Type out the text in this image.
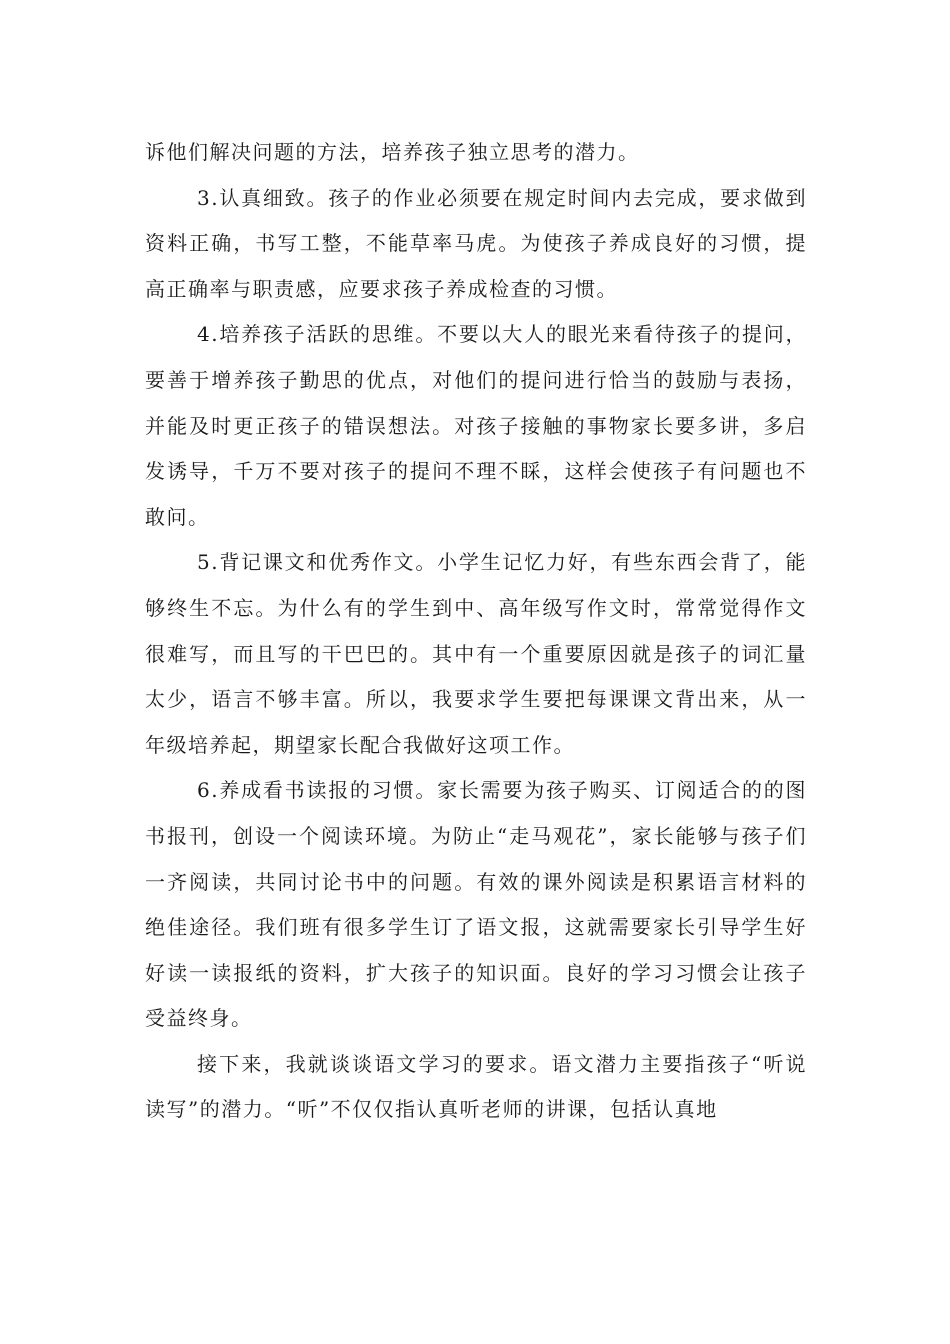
诉他们解决问题的方法，培养孩子独立思考的潜力。

3.认真细致。孩子的作业必须要在规定时间内去完成，要求做到资料正确，书写工整，不能草率马虎。为使孩子养成良好的习惯，提高正确率与职责感，应要求孩子养成检查的习惯。

4.培养孩子活跃的思维。不要以大人的眼光来看待孩子的提问，要善于增养孩子勤思的优点，对他们的提问进行恰当的鼓励与表扬，并能及时更正孩子的错误想法。对孩子接触的事物家长要多讲，多启发诱导，千万不要对孩子的提问不理不睬，这样会使孩子有问题也不敢问。

5.背记课文和优秀作文。小学生记忆力好，有些东西会背了，能够终生不忘。为什么有的学生到中、高年级写作文时，常常觉得作文很难写，而且写的干巴巴的。其中有一个重要原因就是孩子的词汇量太少，语言不够丰富。所以，我要求学生要把每课课文背出来，从一年级培养起，期望家长配合我做好这项工作。

6.养成看书读报的习惯。家长需要为孩子购买、订阅适合的的图书报刊，创设一个阅读环境。为防止“走马观花”，家长能够与孩子们一齐阅读，共同讨论书中的问题。有效的课外阅读是积累语言材料的绝佳途径。我们班有很多学生订了语文报，这就需要家长引导学生好好读一读报纸的资料，扩大孩子的知识面。良好的学习习惯会让孩子受益终身。

接下来，我就谈谈语文学习的要求。语文潜力主要指孩子“听说读写”的潜力。“听”不仅仅指认真听老师的讲课，包括认真地
